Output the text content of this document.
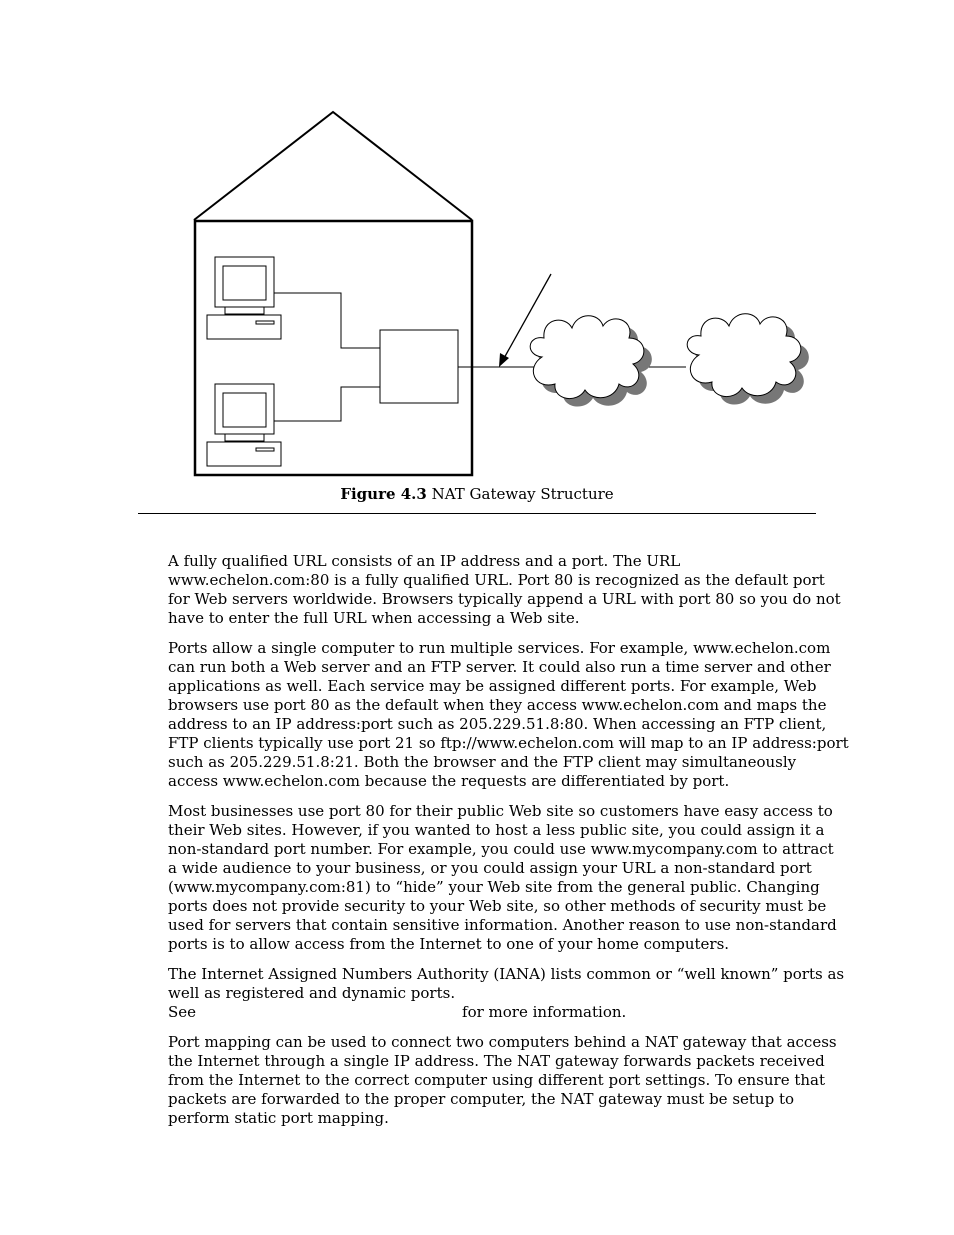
Figure 4.3 NAT Gateway Structure

A fully qualified URL consists of an IP address and a port. The URL
www.echelon.com:80 is a fully qualified URL. Port 80 is recognized as the default port
for Web servers worldwide. Browsers typically append a URL with port 80 so you do not
have to enter the full URL when accessing a Web site.

Ports allow a single computer to run multiple services. For example, www.echelon.com
can run both a Web server and an FTP server. It could also run a time server and other
applications as well. Each service may be assigned different ports. For example, Web
browsers use port 80 as the default when they access www.echelon.com and maps the
address to an IP address:port such as 205.229.51.8:80. When accessing an FTP client,
FTP clients typically use port 21 so ftp://www.echelon.com will map to an IP address:port
such as 205.229.51.8:21. Both the browser and the FTP client may simultaneously
access www.echelon.com because the requests are differentiated by port.

Most businesses use port 80 for their public Web site so customers have easy access to
their Web sites. However, if you wanted to host a less public site, you could assign it a
non-standard port number. For example, you could use www.mycompany.com to attract
a wide audience to your business, or you could assign your URL a non-standard port
(www.mycompany.com:81) to “hide” your Web site from the general public. Changing
ports does not provide security to your Web site, so other methods of security must be
used for servers that contain sensitive information. Another reason to use non-standard
ports is to allow access from the Internet to one of your home computers.

The Internet Assigned Numbers Authority (IANA) lists common or “well known” ports as
well as registered and dynamic ports.
See	for more information.

Port mapping can be used to connect two computers behind a NAT gateway that access
the Internet through a single IP address. The NAT gateway forwards packets received
from the Internet to the correct computer using different port settings. To ensure that
packets are forwarded to the proper computer, the NAT gateway must be setup to
perform static port mapping.
